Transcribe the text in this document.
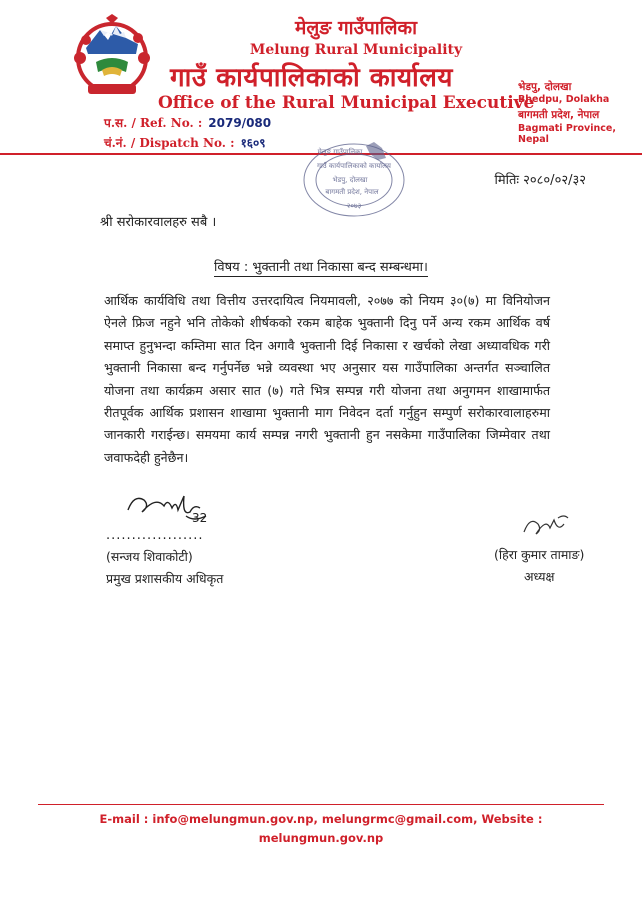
मेलुङ गाउँपालिका
Melung Rural Municipality
गाउँ कार्यपालिकाको कार्यालय
Office of the Rural Municipal Executive
भेडपु, दोलखा
Bhedpu, Dolakha
बागमती प्रदेश, नेपाल
Bagmati Province, Nepal
प.स. / Ref. No. : 2079/080
चं.नं. / Dispatch No. : १६०९
मेलुङ गाउँपालिका
गाउँ कार्यपालिकाको कार्यालय
भेडपु, दोलखा
बागमती प्रदेश, नेपाल
२०७३
मितिः २०८०/०२/३२
श्री सरोकारवालहरु सबै ।
विषय : भुक्तानी तथा निकासा बन्द सम्बन्धमा।
आर्थिक कार्यविधि तथा वित्तीय उत्तरदायित्व नियमावली, २०७७ को नियम ३०(७) मा विनियोजन ऐनले फ्रिज नहुने भनि तोकेको शीर्षकको रकम बाहेक भुक्तानी दिनु पर्ने अन्य रकम आर्थिक वर्ष समाप्त हुनुभन्दा कम्तिमा सात दिन अगावै भुक्तानी दिई निकासा र खर्चको लेखा अध्यावधिक गरी भुक्तानी निकासा बन्द गर्नुपर्नेछ भन्ने व्यवस्था भए अनुसार यस गाउँपालिका अन्तर्गत सञ्चालित योजना तथा कार्यक्रम असार सात (७) गते भित्र सम्पन्न गरी योजना तथा अनुगमन शाखामार्फत रीतपूर्वक आर्थिक प्रशासन शाखामा भुक्तानी माग निवेदन दर्ता गर्नुहुन सम्पुर्ण सरोकारवालाहरुमा जानकारी गराईन्छ। समयमा कार्य सम्पन्न नगरी भुक्तानी हुन नसकेमा गाउँपालिका जिम्मेवार तथा जवाफदेही हुनेछैन।
32
...................
(सन्जय शिवाकोटी)
प्रमुख प्रशासकीय अधिकृत
(हिरा कुमार तामाङ)
अध्यक्ष
E-mail : info@melungmun.gov.np, melungrmc@gmail.com, Website :
melungmun.gov.np
